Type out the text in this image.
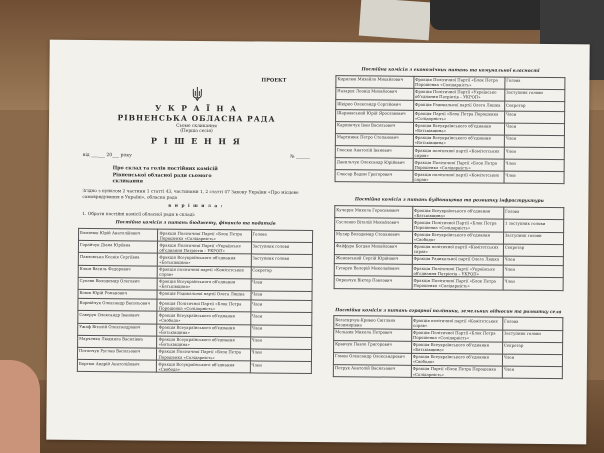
ПРОЕКТ
У К Р А Ї Н А
РІВНЕНСЬКА ОБЛАСНА РАДА
Сьоме скликання
(Перша сесія)
Р І Ш Е Н Н Я
від ______ 20___ року	№ ______
Про склад та голів постійних комісій Рівненської обласної ради сьомого скликання
Згідно з пунктом 2 частини 1 статті 43, частинами 1, 2 статті 47 Закону України «Про місцеве самоврядування в Україні», обласна рада
в и р і ш и л а :
1. Обрати постійні комісії обласної ради в складі:
Постійна комісія з питань бюджету, фінансів та податків
Близнюк Юрій Анатолійович	Фракція Політичної Партії «Блок Петра Порошенка «Солідарність»	Голова
Горайчук Діана Юріївна	Фракція Політичної Партії «Українське об'єднання Патріотів – УКРОП»	Заступник голови
Павловська Ксенія Сергіївна	Фракція Всеукраїнського об'єднання «Батьківщина»	Заступник голови
Клюп Василь Федорович	Фракція політичної партії «Комітетських справ»	Секретар
Сухляк Володимир Олегович	Фракція Всеукраїнського об'єднання «Батьківщина»	Член
Білик Юрій Романович	Фракція Радикальної партії Олега Ляшка	Член
Корнійчук Олександр Васильович	Фракція Політичної Партії «Блок Петра Порошенка «Солідарність»	Член
Саверук Олександр Іванович	Фракція Всеукраїнського об'єднання «Свобода»	Член
Ужаф Віталій Олександрович	Фракція Всеукраїнського об'єднання «Батьківщина»	Член
Марченко Людмила Василівна	Фракція Всеукраїнського об'єднання «Батьківщина»	Член
Потапчук Руслан Васильович	Фракція Політичної Партії «Блок Петра Порошенка «Солідарність»	Член
Боргюк Андрій Анатолійович	Фракція Всеукраїнського об'єднання «Свобода»	Член
Постійна комісія з економічних питань та комунальної власності
Кирилюк Михайло Михайлович	Фракція Політичної Партії «Блок Петра Порошенка «Солідарність»	Голова
Назарук Леонід Михайлович	Фракція Політичної Партії «Українське об'єднання Патріотів – УКРОП»	Заступник голови
Шкірко Олександр Сергійович	Фракція Радикальної партії Олега Ляшка	Секретар
Шарнавський Юрій Ярославович	Фракція Партії «Блок Петра Порошенка «Солідарність»	Член
Карпинчук Іван Васильович	Фракція Всеукраїнського об'єднання «Батьківщина»	Член
Мартинюк Петро Степанович	Фракція Всеукраїнського об'єднання «Батьківщина»	Член
Гнесюк Анатолій Іванович	Фракція політичної партії «Комітетських справ»	Член
Данильчук Олександр Юрійович	Фракція Політичної Партії «Блок Петра Порошенка «Солідарність»	Член
Слюсар Вадим Григорович	Фракція політичної партії «Комітетських справ»	Член
Постійна комісія з питань будівництва та розвитку інфраструктури
Кучерук Микола Герасимович	Фракція Всеукраїнського об'єднання «Батьківщина»	Голова
Сусленко Віталій Михайлович	Фракція Політичної Партії «Блок Петра Порошенка «Солідарність»	1 заступник голови
Музир Володимир Степанович	Фракція Всеукраїнського об'єднання «Свобода»	Заступник голови
Файфура Богдан Михайлович	Фракція політичної партії «Комітетських справ»	Секретар
Женевський Сергій Юрійович	Фракція Радикальної партії Олега Ляшка	Член
Гусарук Валерій Миколайович	Фракція Політичної Партії «Українське об'єднання Патріотів – УКРОП»	Член
Опренчук Віктор Павлович	Фракція Політичної Партії «Блок Петра Порошенка «Солідарність»	Член
Постійна комісія з питань аграрної політики, земельних відносин та розвитку села
Богатирчук-Кривко Світлана Казимирівна	Фракція політичної партії «Комітетських справ»	Голова
Мельник Микола Петрович	Фракція Політичної Партії «Блок Петра Порошенка «Солідарність»	Заступник голови
Кравчук Павло Григорович	Фракція Всеукраїнського об'єднання «Батьківщина»	Секретар
Гомон Олександр Олександрович	Фракція Всеукраїнського об'єднання «Свобода»	Член
Петрук Анатолій Васильович	Фракція Партії «Блок Петра Порошенка «Солідарність»	Член
